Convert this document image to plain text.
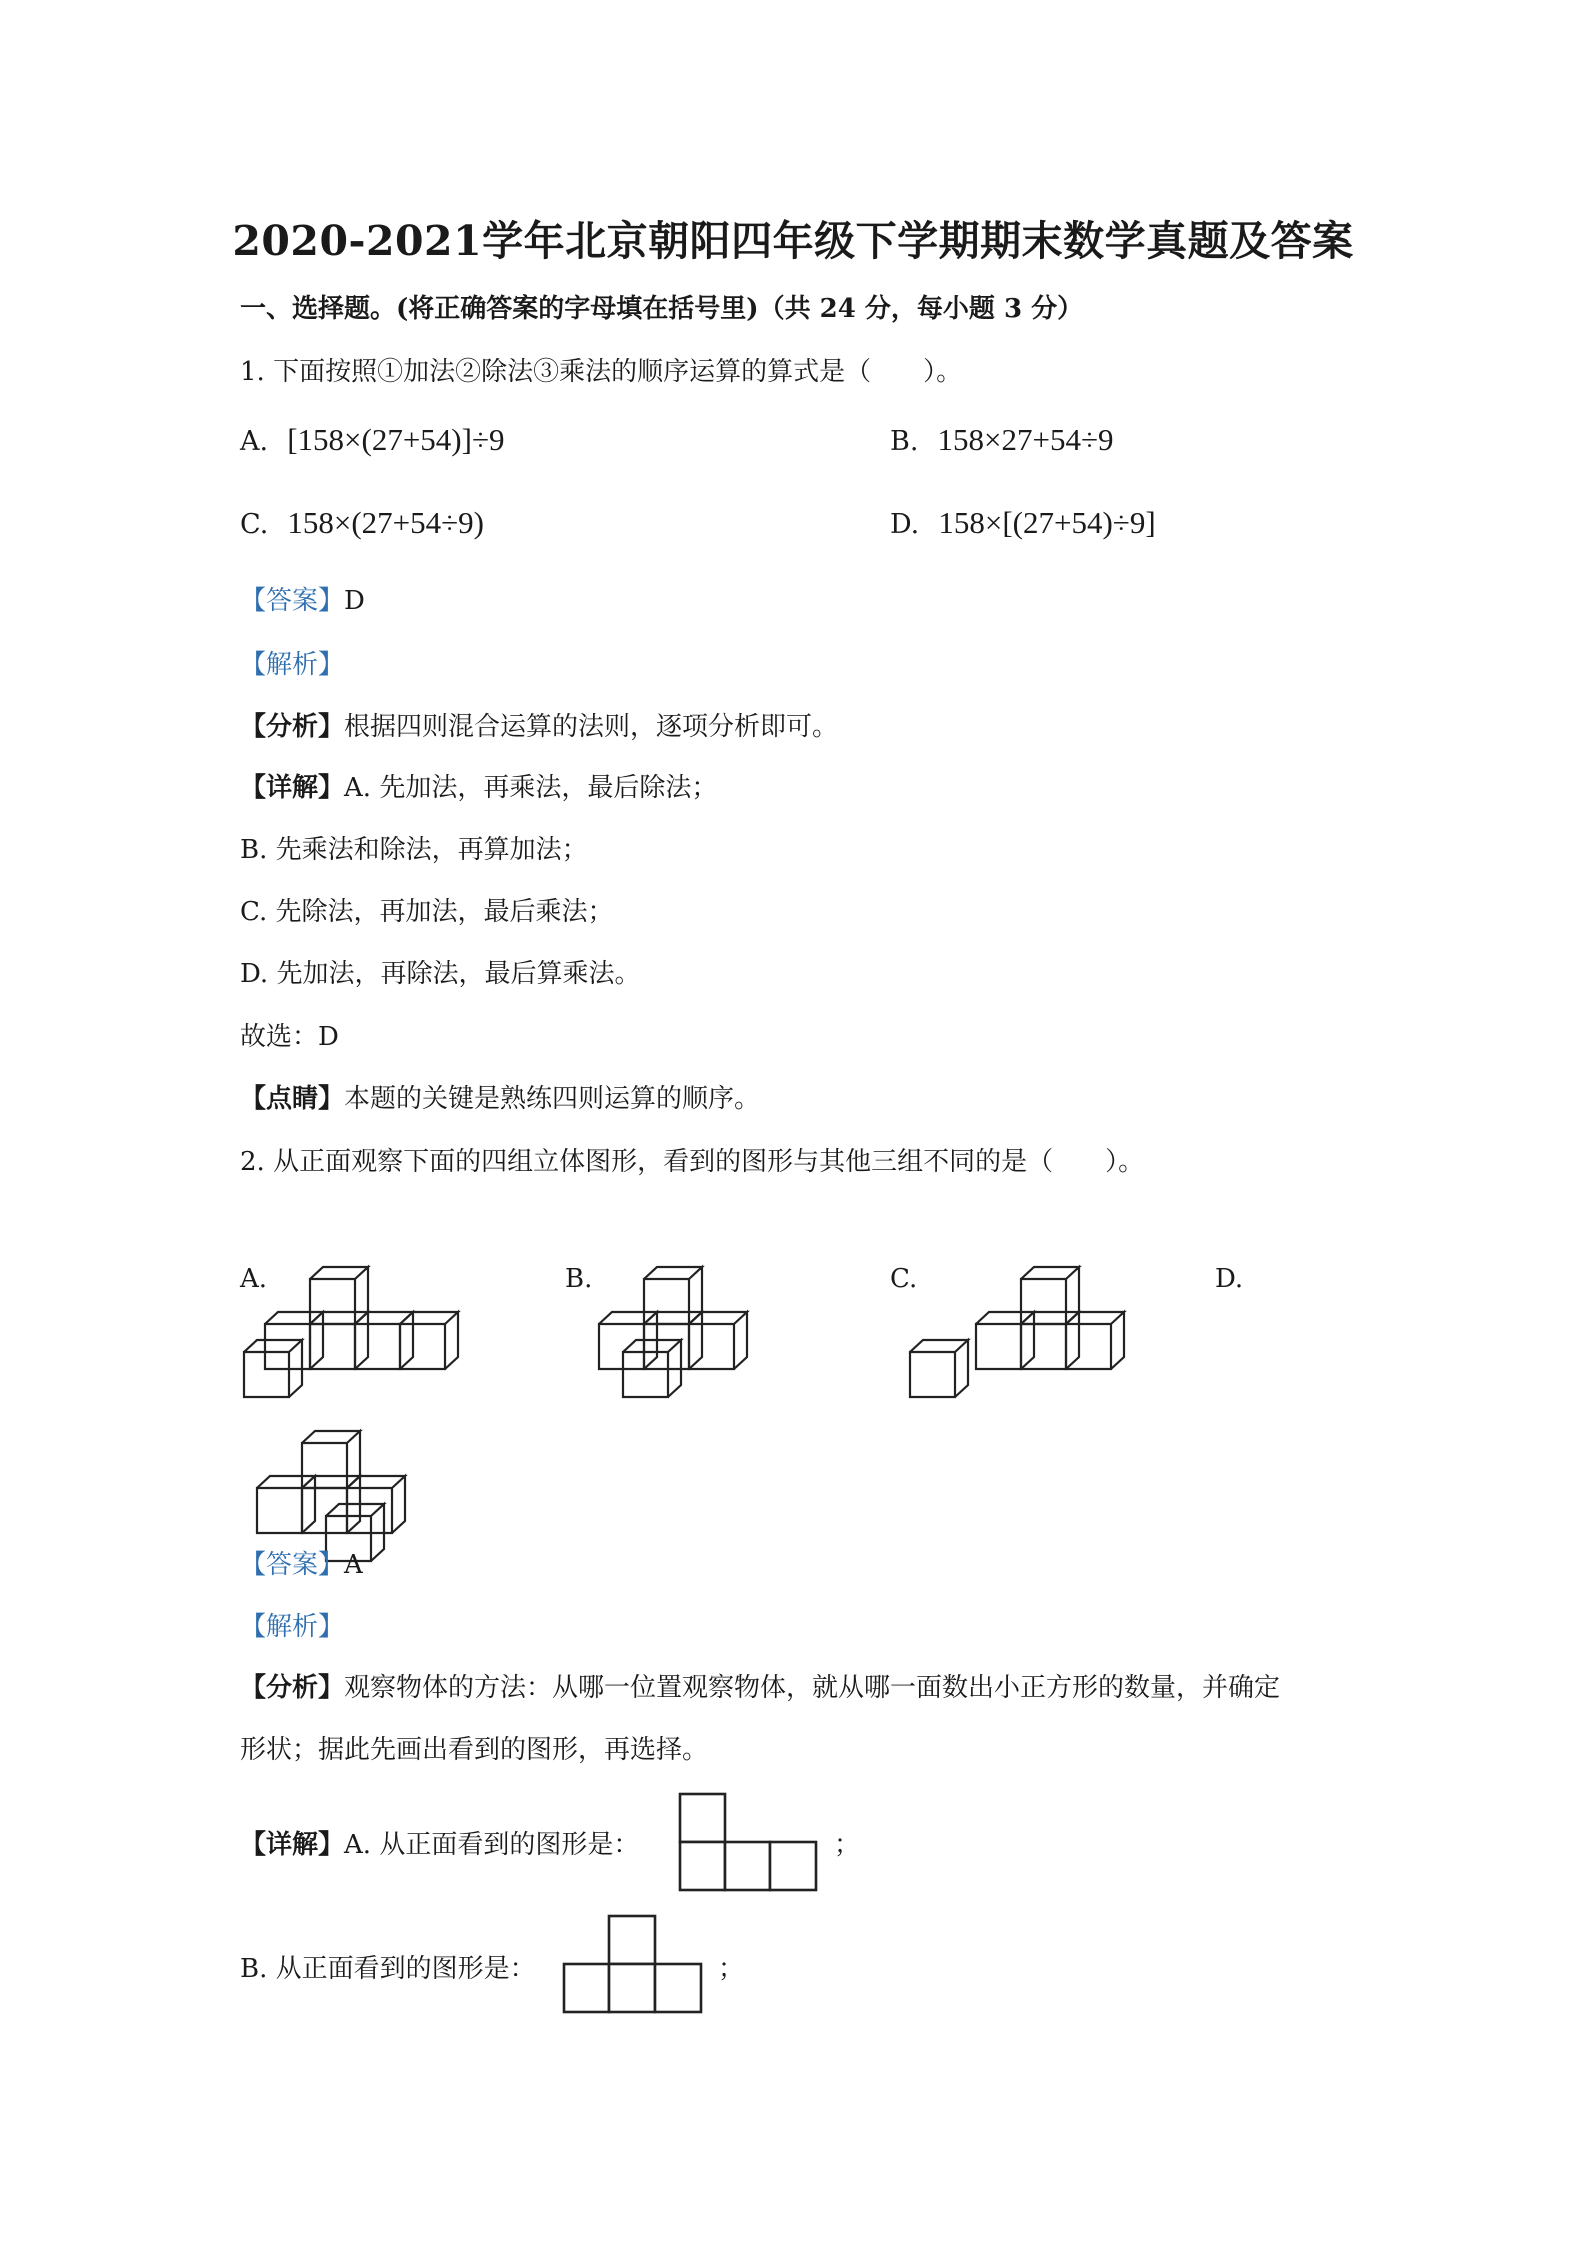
2020-2021学年北京朝阳四年级下学期期末数学真题及答案
一、选择题。(将正确答案的字母填在括号里)（共 24 分，每小题 3 分）
1. 下面按照①加法②除法③乘法的顺序运算的算式是（　　）。
A. [158×(27+54)]÷9	B. 158×27+54÷9
C. 158×(27+54÷9)	D. 158×[(27+54)÷9]
【答案】D
【解析】
【分析】根据四则混合运算的法则，逐项分析即可。
【详解】A. 先加法，再乘法，最后除法；
B. 先乘法和除法，再算加法；
C. 先除法，再加法，最后乘法；
D. 先加法，再除法，最后算乘法。
故选：D
【点睛】本题的关键是熟练四则运算的顺序。
2. 从正面观察下面的四组立体图形，看到的图形与其他三组不同的是（　　）。
A.	B.	C.	D.
【答案】A
【解析】
【分析】观察物体的方法：从哪一位置观察物体，就从哪一面数出小正方形的数量，并确定
形状；据此先画出看到的图形，再选择。
【详解】A. 从正面看到的图形是：	；
B. 从正面看到的图形是：	；
